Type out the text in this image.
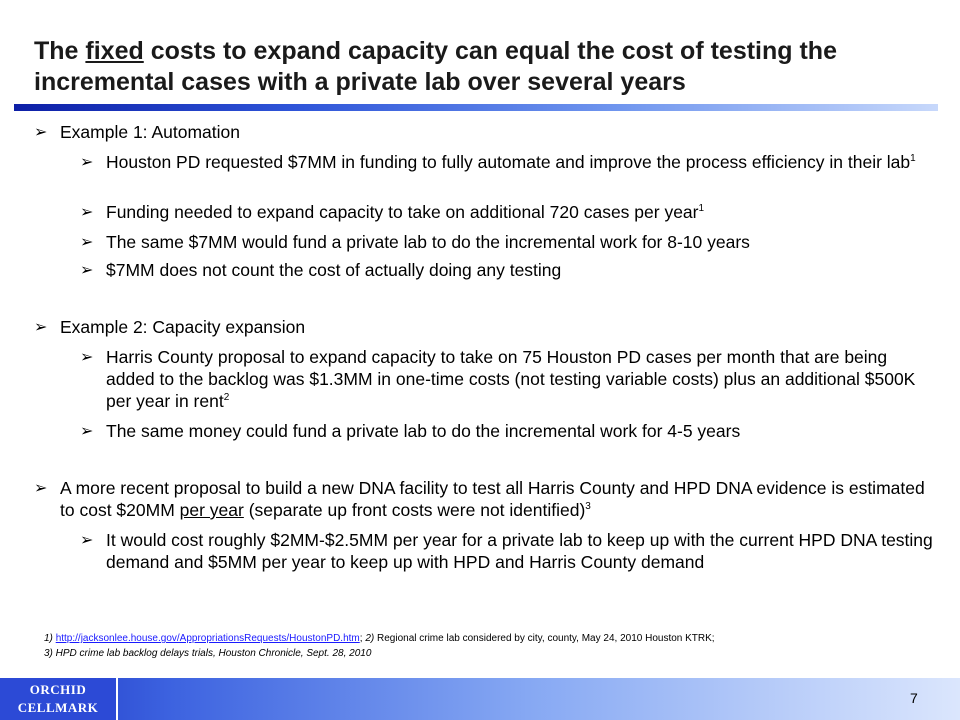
The fixed costs to expand capacity can equal the cost of testing the incremental cases with a private lab over several years
➢ Example 1: Automation
➢ Houston PD requested $7MM in funding to fully automate and improve the process efficiency in their lab$^1$
➢ Funding needed to expand capacity to take on additional 720 cases per year$^1$
➢ The same $7MM would fund a private lab to do the incremental work for 8-10 years
➢ $7MM does not count the cost of actually doing any testing
➢ Example 2: Capacity expansion
➢ Harris County proposal to expand capacity to take on 75 Houston PD cases per month that are being added to the backlog was $1.3MM in one-time costs (not testing variable costs) plus an additional $500K per year in rent$^2$
➢ The same money could fund a private lab to do the incremental work for 4-5 years
➢ A more recent proposal to build a new DNA facility to test all Harris County and HPD DNA evidence is estimated to cost $20MM per year (separate up front costs were not identified)$^3$
➢ It would cost roughly $2MM-$2.5MM per year for a private lab to keep up with the current HPD DNA testing demand and $5MM per year to keep up with HPD and Harris County demand
1) http://jacksonlee.house.gov/AppropriationsRequests/HoustonPD.htm; 2) Regional crime lab considered by city, county, May 24, 2010 Houston KTRK;
3) HPD crime lab backlog delays trials, Houston Chronicle, Sept. 28, 2010
ORCHID
CELLMARK
7
